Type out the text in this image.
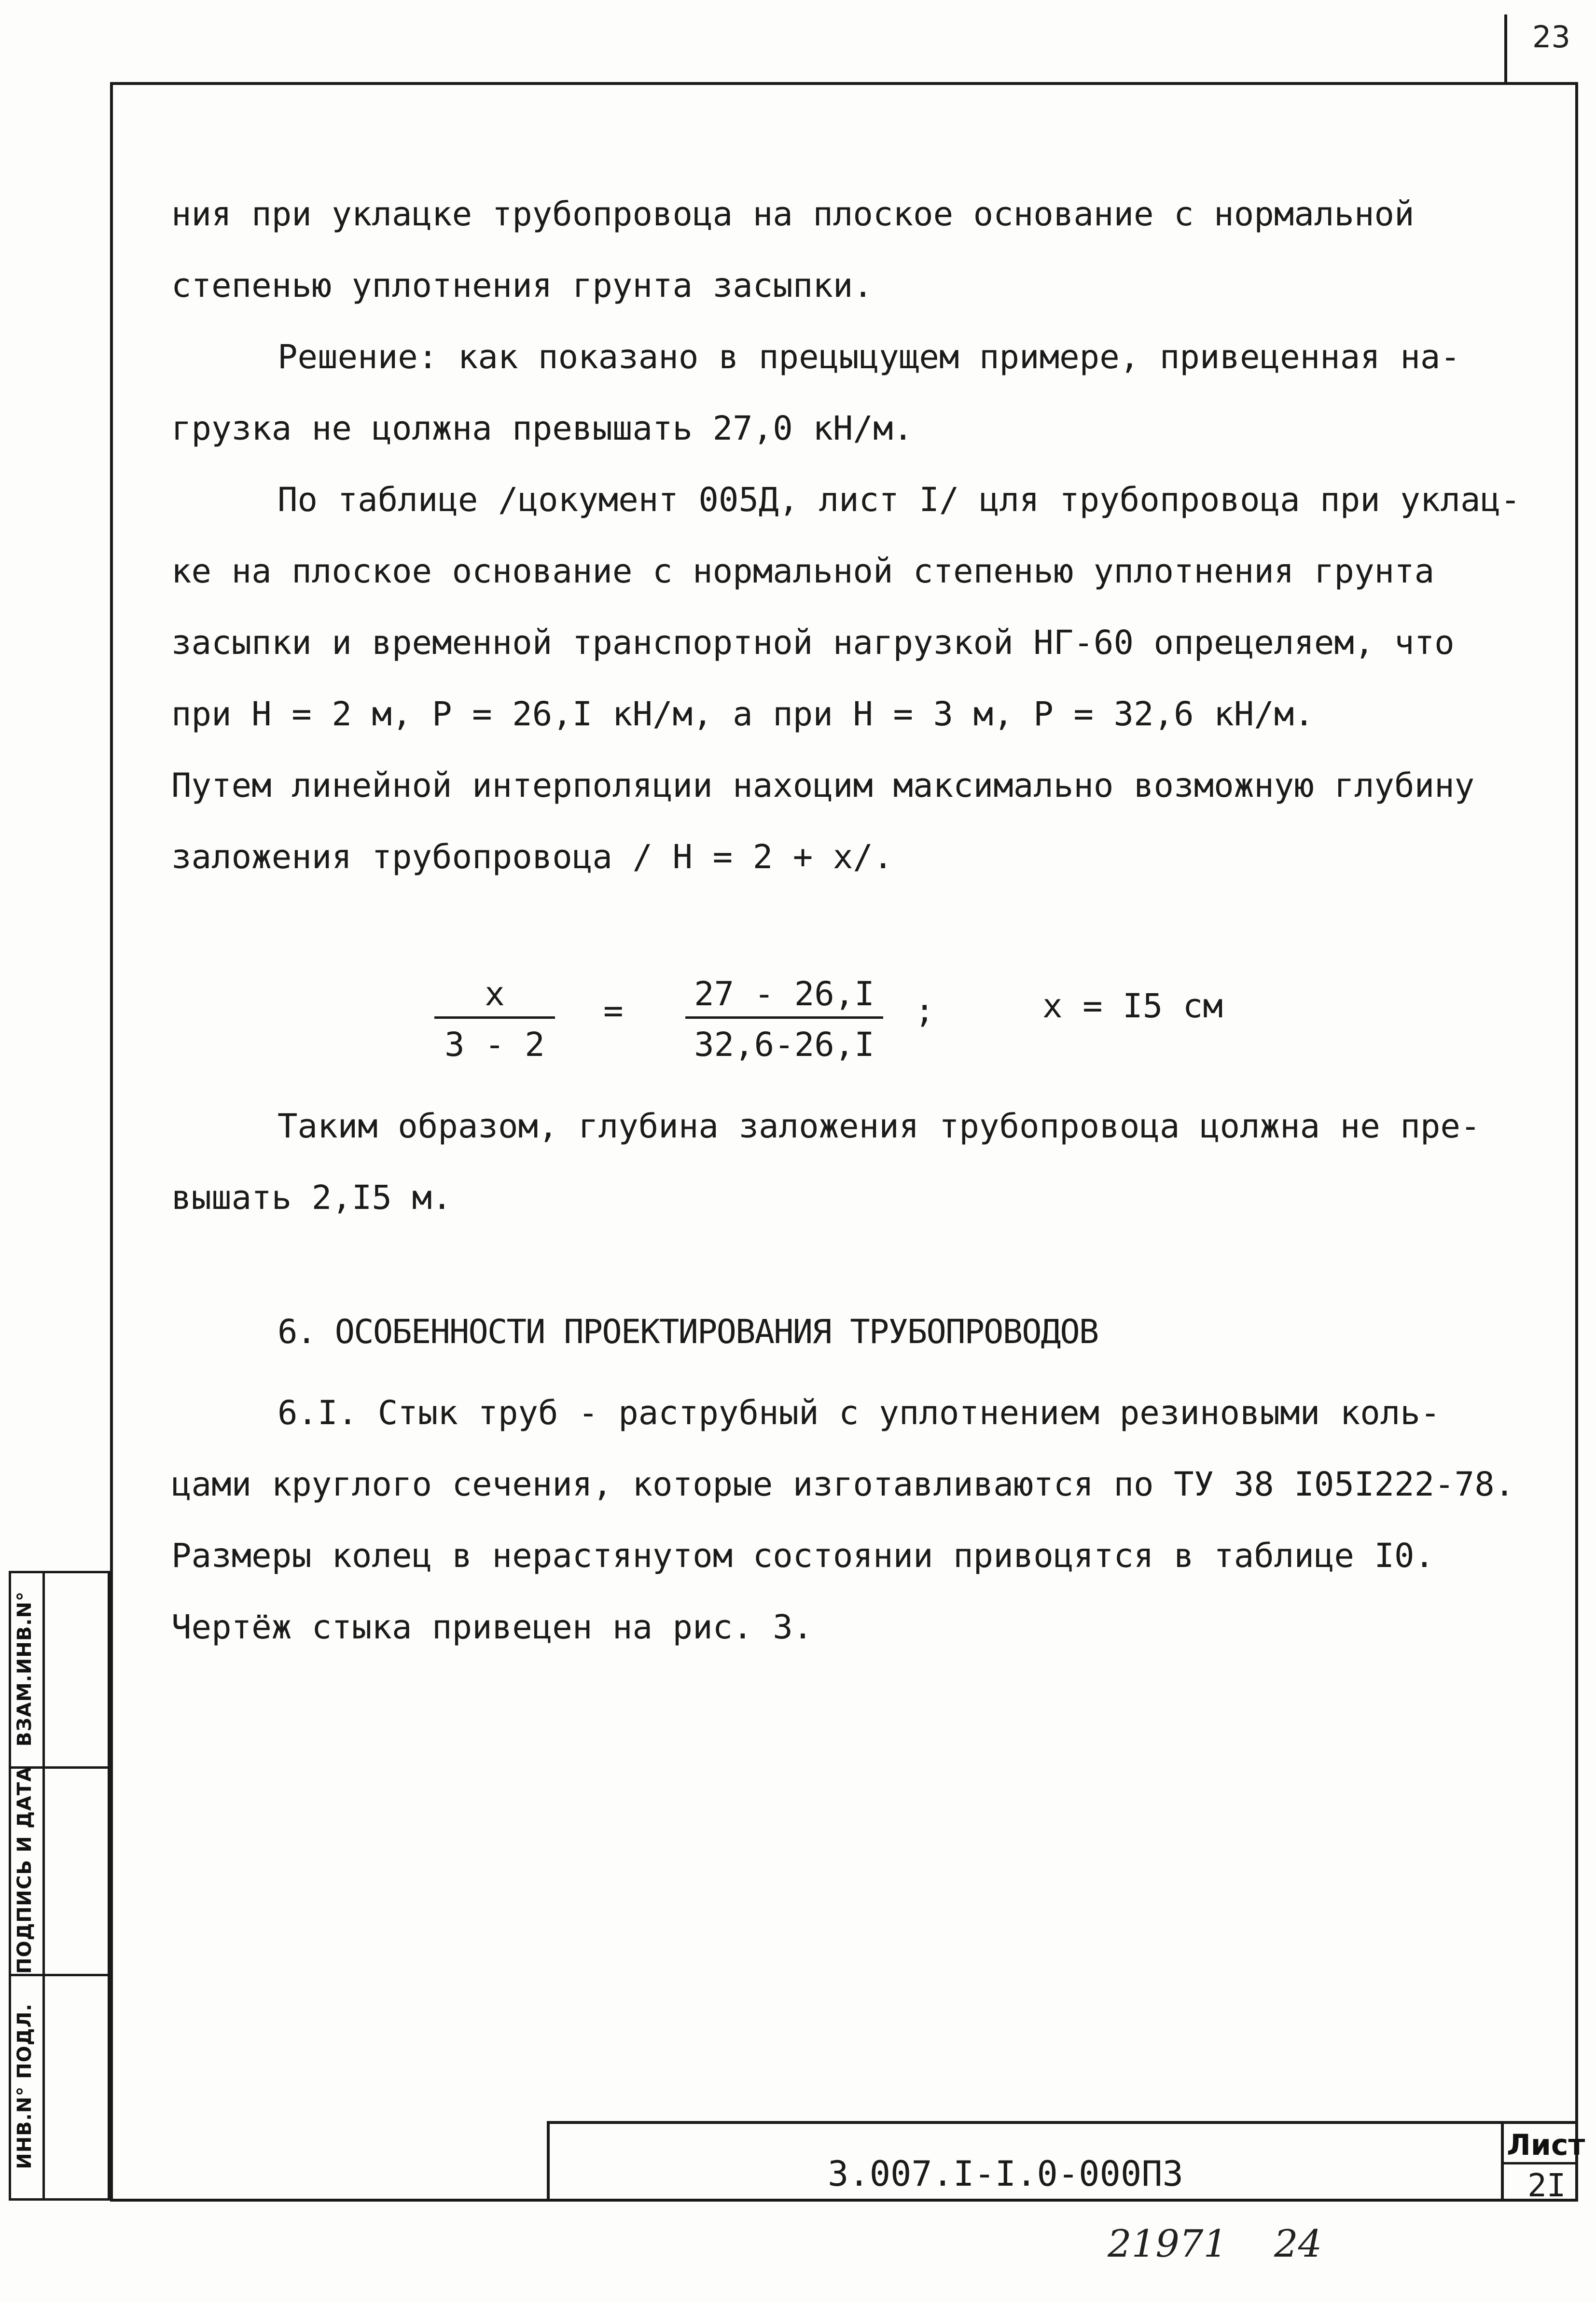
23

ния при уклацке трубопровоца на плоское основание с нормальной
степенью уплотнения грунта засыпки.

Решение: как показано в прецыцущем примере, привеценная на-
грузка не цолжна превышать 27,0 кН/м.

По таблице /цокумент 005Д, лист I/ цля трубопровоца при уклац-
ке на плоское основание с нормальной степенью уплотнения грунта
засыпки и временной транспортной нагрузкой НГ-60 опрецеляем, что
при H = 2 м, P = 26,I кН/м, а при H = 3 м, P = 32,6 кН/м.
Путем линейной интерполяции нахоцим максимально возможную глубину
заложения трубопровоца / H = 2 + x/.

x
3 - 2
= 27 - 26,I
32,6-26,I
;	x = I5 см

Таким образом, глубина заложения трубопровоца цолжна не пре-
вышать 2,I5 м.

6. ОСОБЕННОСТИ ПРОЕКТИРОВАНИЯ ТРУБОПРОВОДОВ

6.I. Стык труб - раструбный с уплотнением резиновыми коль-
цами круглого сечения, которые изготавливаются по ТУ 38 I05I222-78.
Размеры колец в нерастянутом состоянии привоцятся в таблице I0.
Чертёж стыка привецен на рис. 3.

ВЗАМ.ИНВ.N°
ПОДПИСЬ И ДАТА
ИНВ.N° ПОДЛ.
3.007.I-I.0-000ПЗ
Лист
2I
21971 24
